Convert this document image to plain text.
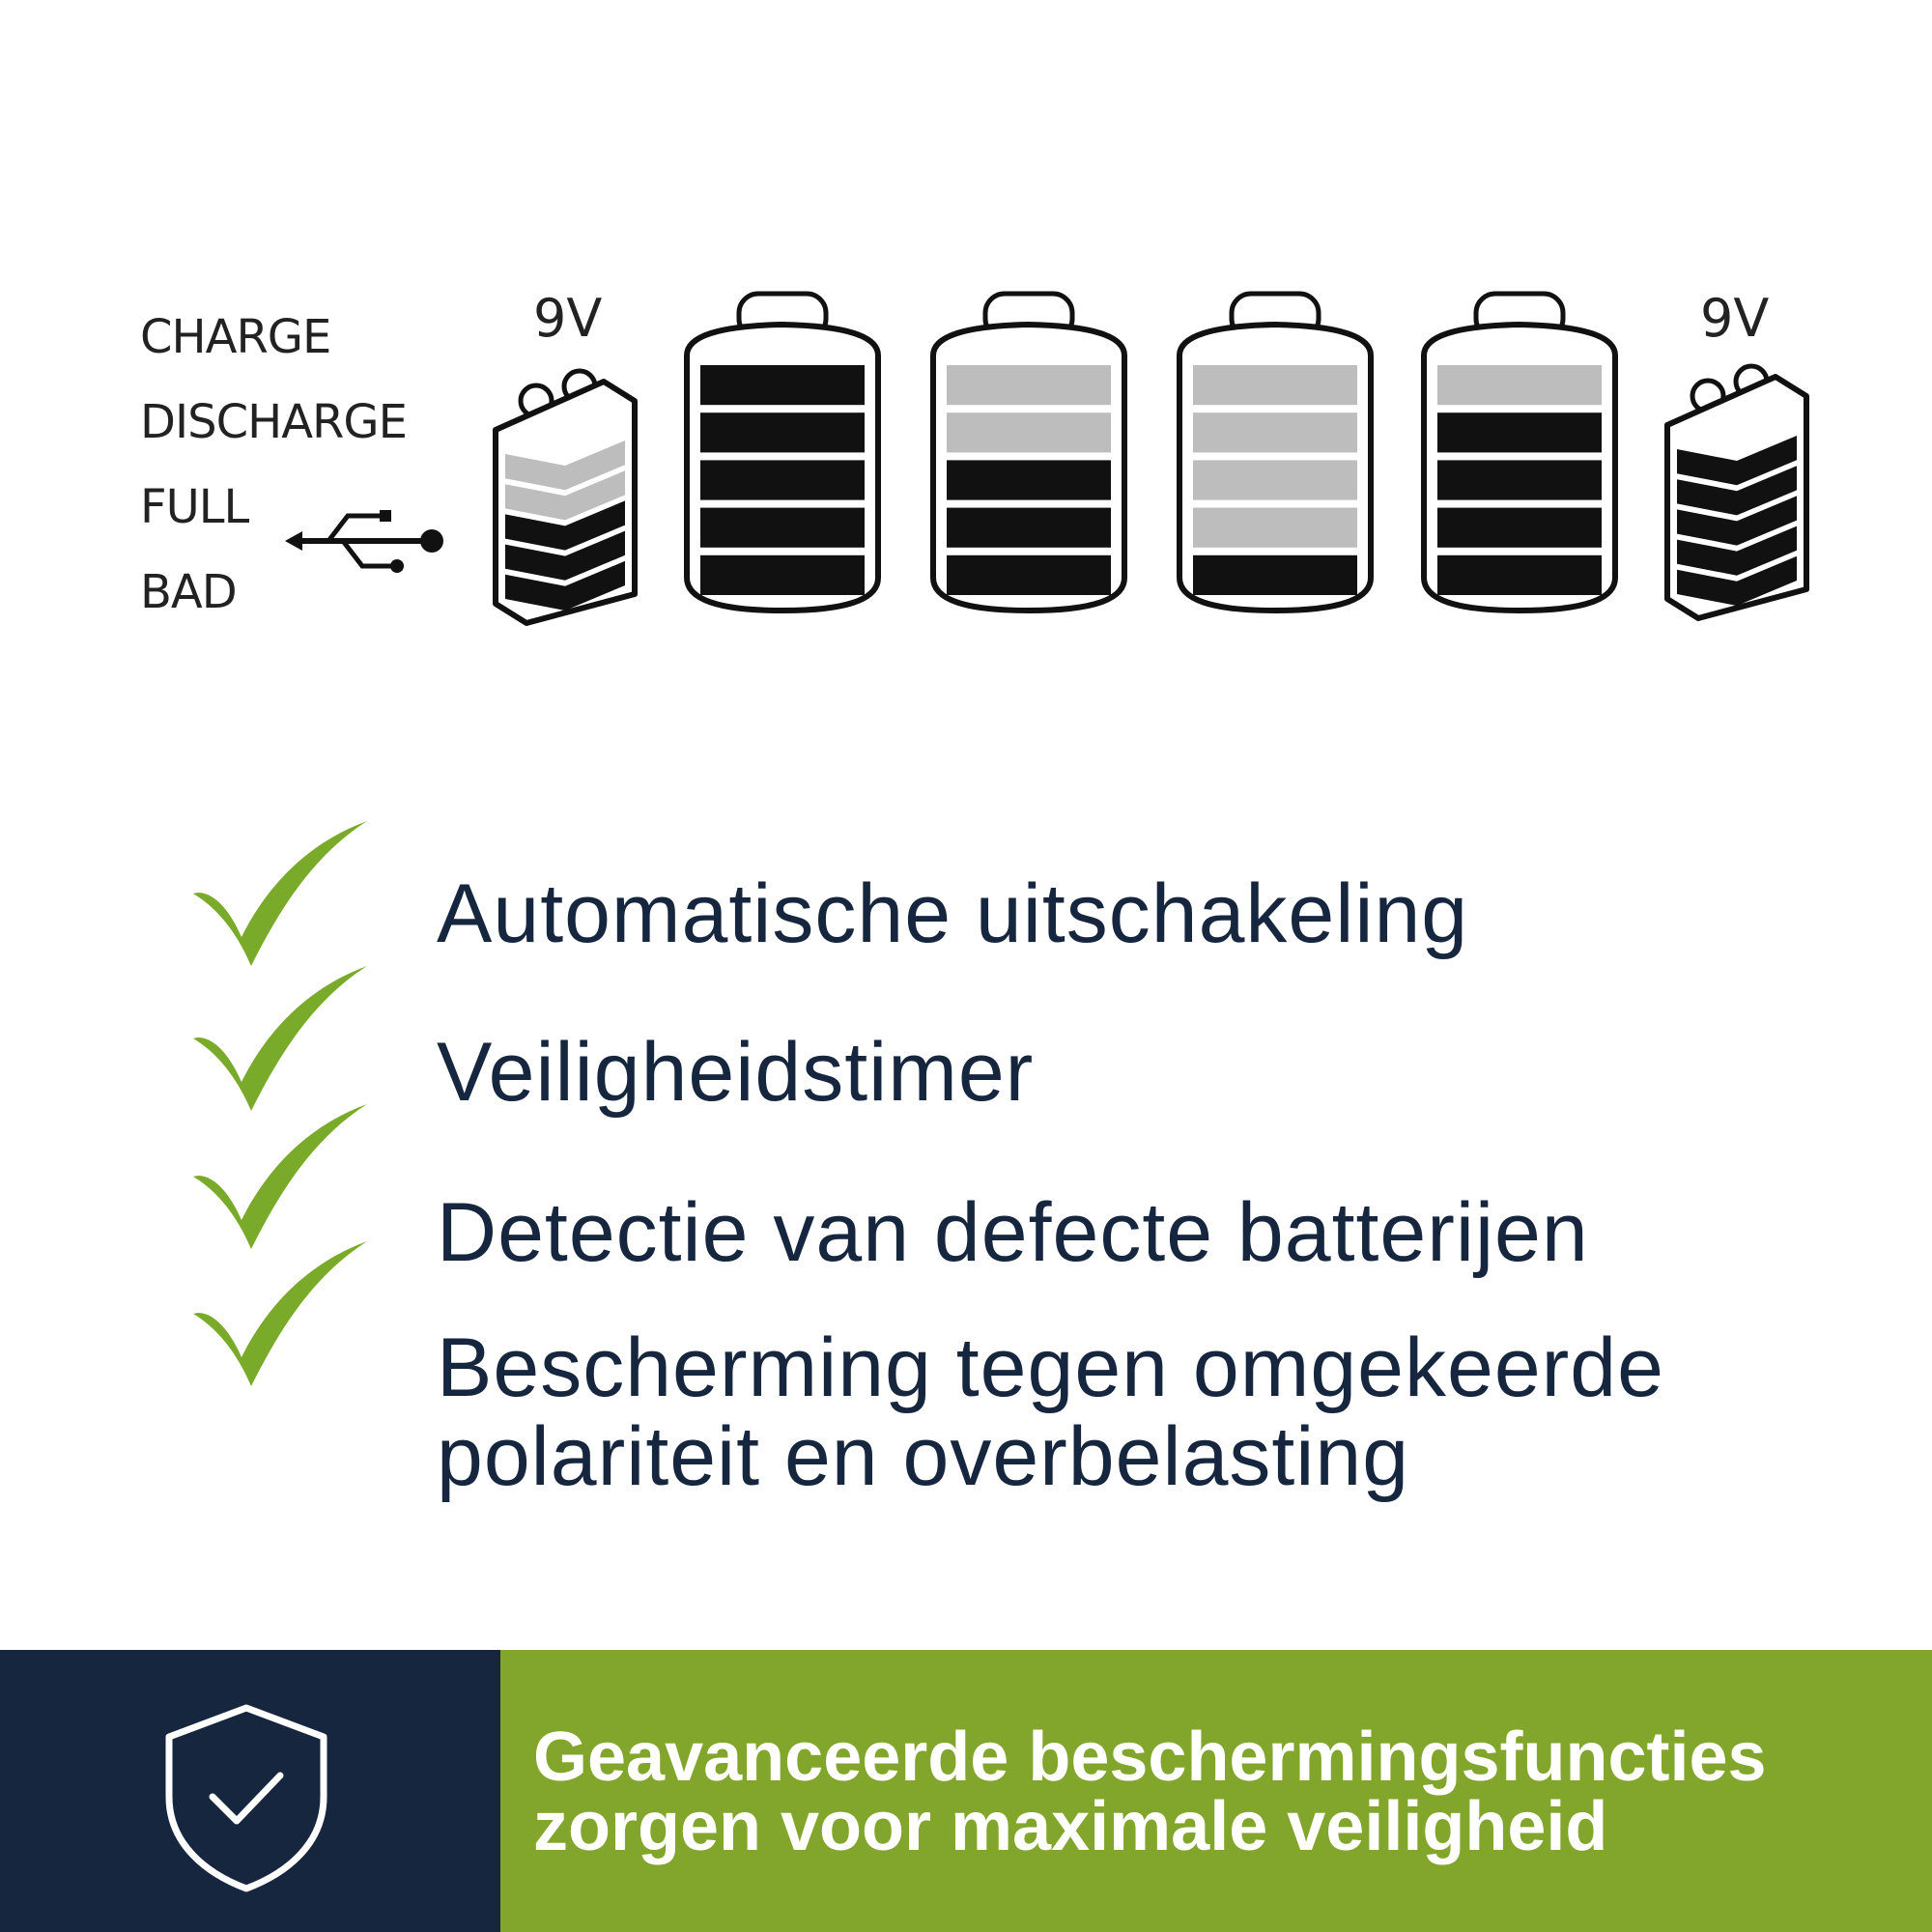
CHARGE
DISCHARGE
FULL
BAD
9V	9V
Automatische uitschakeling
Veiligheidstimer
Detectie van defecte batterijen
Bescherming tegen omgekeerde
polariteit en overbelasting
Geavanceerde beschermingsfuncties
zorgen voor maximale veiligheid
